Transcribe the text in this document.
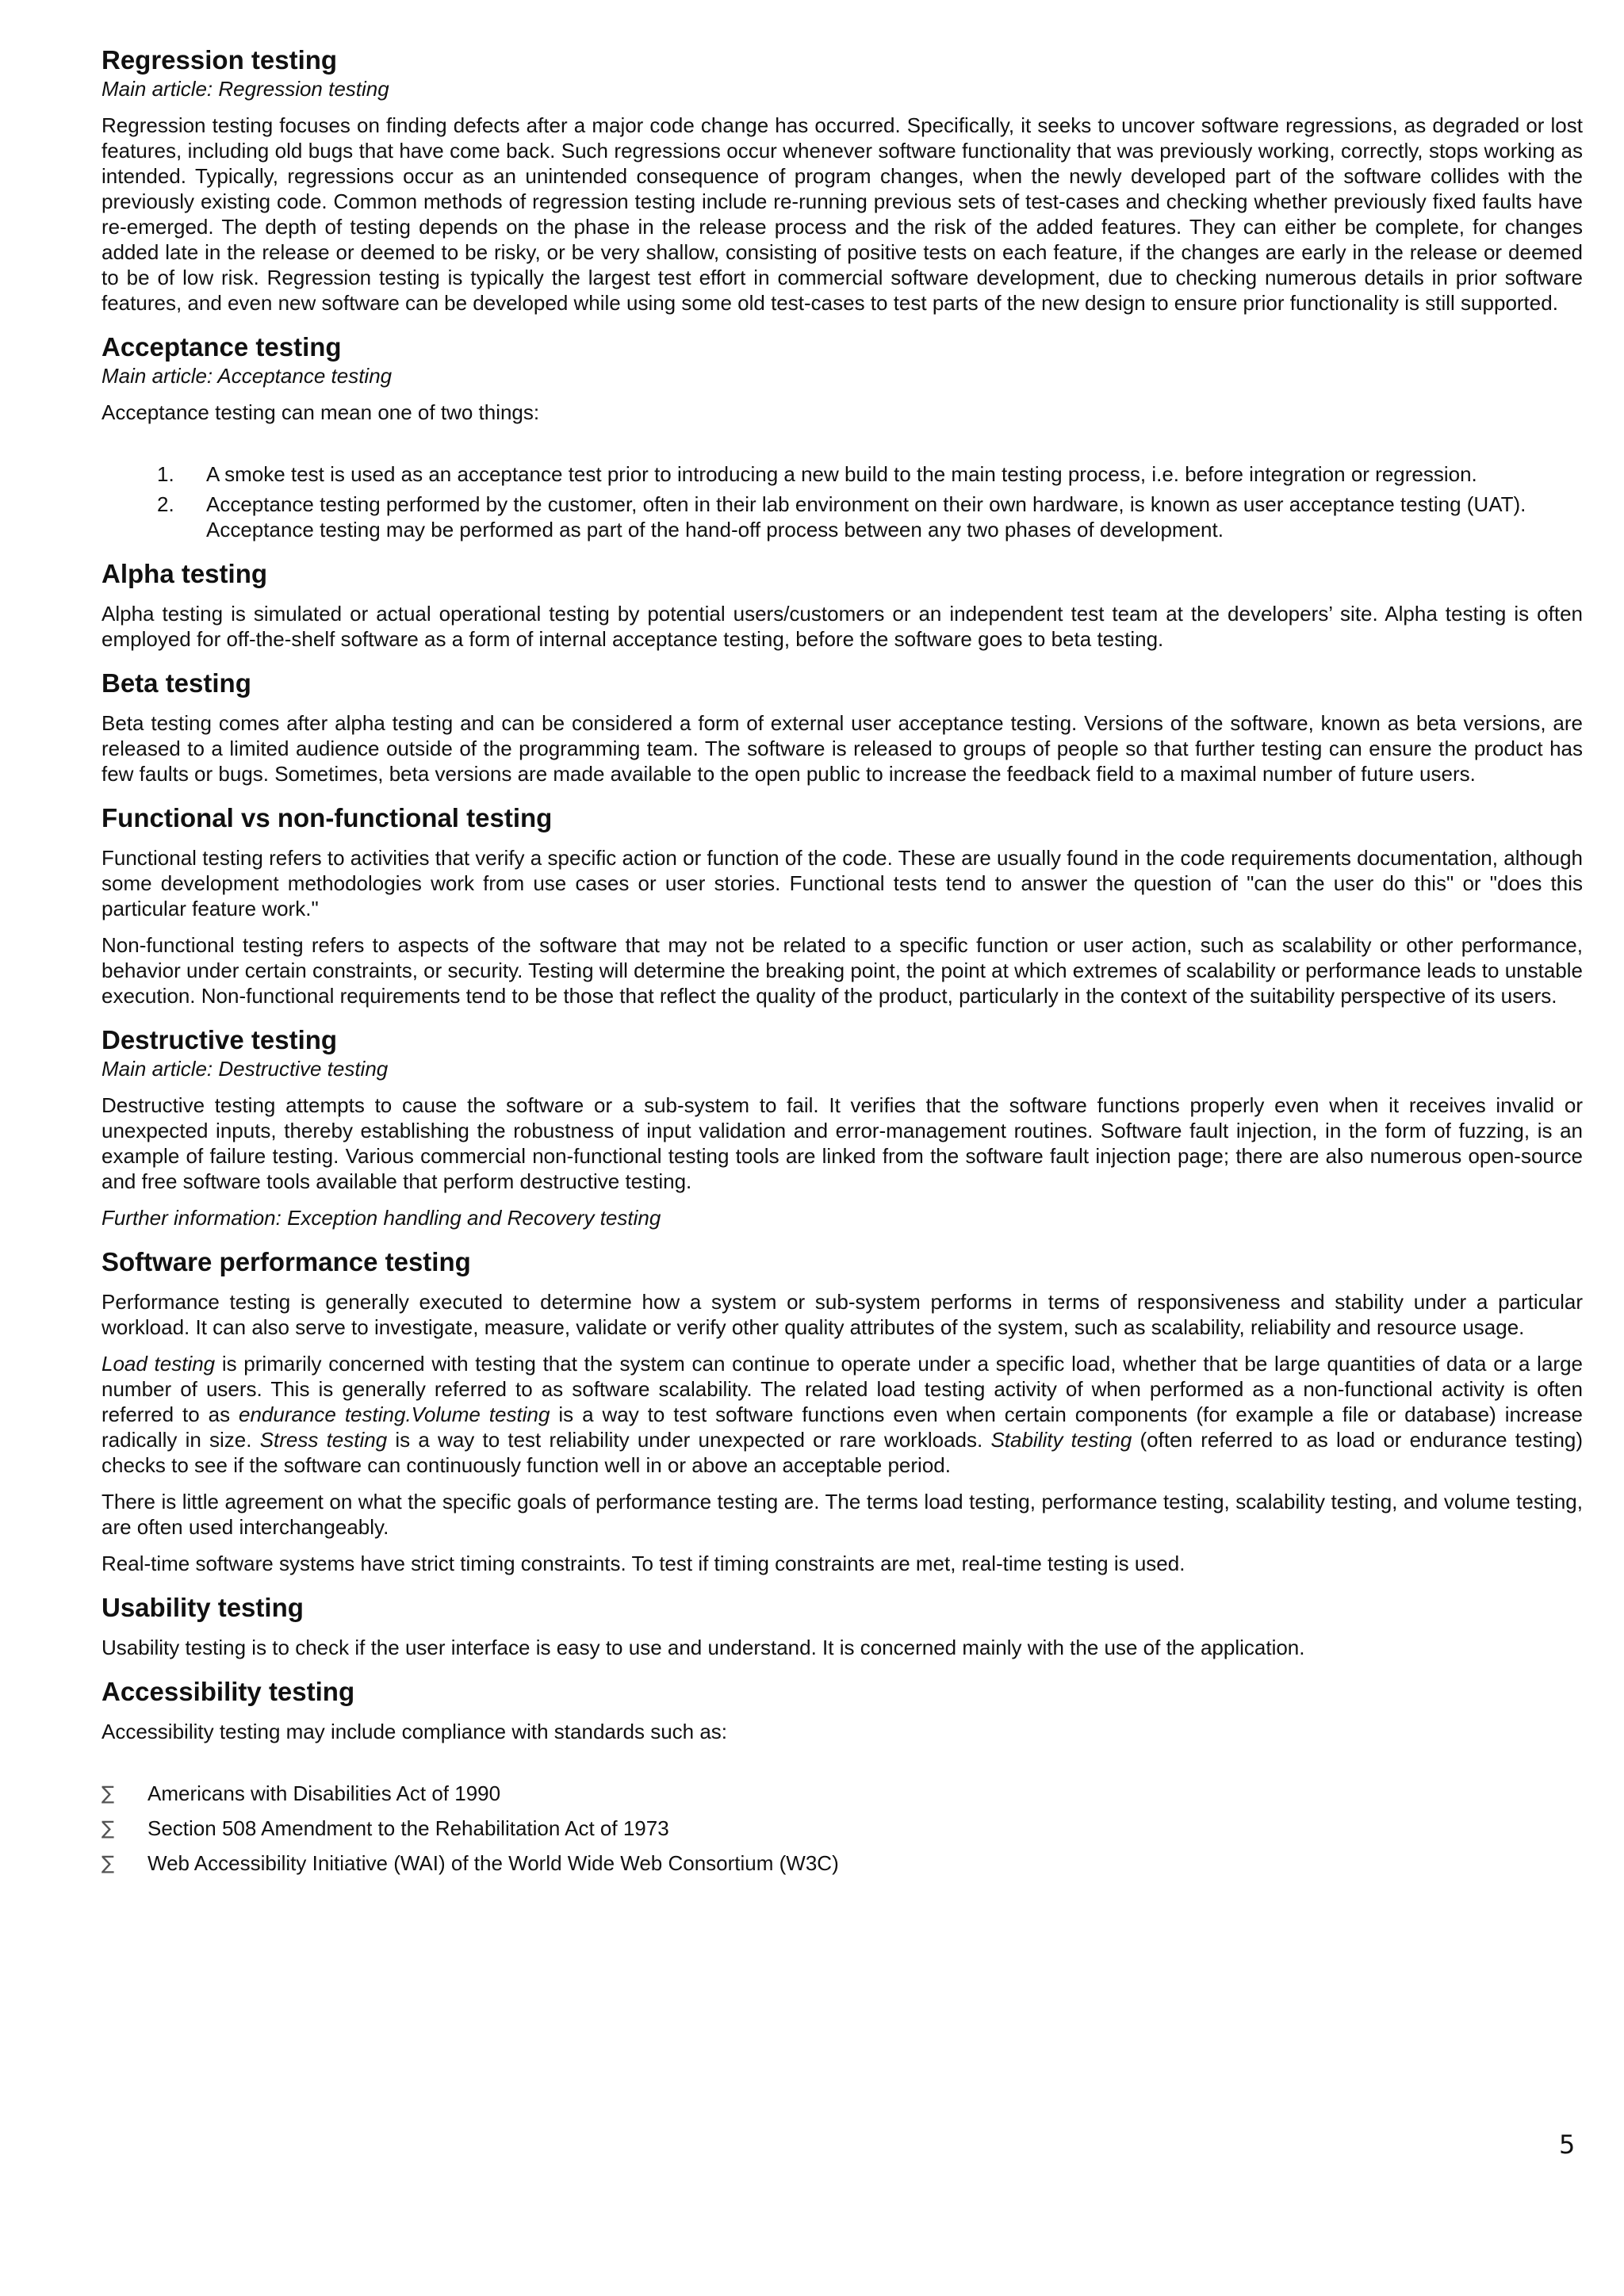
Regression testing
Main article: Regression testing

Regression testing focuses on finding defects after a major code change has occurred. Specifically, it seeks to uncover software regressions, as degraded or lost features, including old bugs that have come back. Such regressions occur whenever software functionality that was previously working, correctly, stops working as intended. Typically, regressions occur as an unintended consequence of program changes, when the newly developed part of the software collides with the previously existing code. Common methods of regression testing include re-running previous sets of test-cases and checking whether previously fixed faults have re-emerged. The depth of testing depends on the phase in the release process and the risk of the added features. They can either be complete, for changes added late in the release or deemed to be risky, or be very shallow, consisting of positive tests on each feature, if the changes are early in the release or deemed to be of low risk. Regression testing is typically the largest test effort in commercial software development, due to checking numerous details in prior software features, and even new software can be developed while using some old test-cases to test parts of the new design to ensure prior functionality is still supported.

Acceptance testing
Main article: Acceptance testing

Acceptance testing can mean one of two things:

1.	A smoke test is used as an acceptance test prior to introducing a new build to the main testing process, i.e. before integration or regression.
2.	Acceptance testing performed by the customer, often in their lab environment on their own hardware, is known as user acceptance testing (UAT). Acceptance testing may be performed as part of the hand-off process between any two phases of development.
Alpha testing

Alpha testing is simulated or actual operational testing by potential users/customers or an independent test team at the developers’ site. Alpha testing is often employed for off-the-shelf software as a form of internal acceptance testing, before the software goes to beta testing.

Beta testing

Beta testing comes after alpha testing and can be considered a form of external user acceptance testing. Versions of the software, known as beta versions, are released to a limited audience outside of the programming team. The software is released to groups of people so that further testing can ensure the product has few faults or bugs. Sometimes, beta versions are made available to the open public to increase the feedback field to a maximal number of future users.

Functional vs non-functional testing

Functional testing refers to activities that verify a specific action or function of the code. These are usually found in the code requirements documentation, although some development methodologies work from use cases or user stories. Functional tests tend to answer the question of "can the user do this" or "does this particular feature work."

Non-functional testing refers to aspects of the software that may not be related to a specific function or user action, such as scalability or other performance, behavior under certain constraints, or security. Testing will determine the breaking point, the point at which extremes of scalability or performance leads to unstable execution. Non-functional requirements tend to be those that reflect the quality of the product, particularly in the context of the suitability perspective of its users.

Destructive testing
Main article: Destructive testing

Destructive testing attempts to cause the software or a sub-system to fail. It verifies that the software functions properly even when it receives invalid or unexpected inputs, thereby establishing the robustness of input validation and error-management routines. Software fault injection, in the form of fuzzing, is an example of failure testing. Various commercial non-functional testing tools are linked from the software fault injection page; there are also numerous open-source and free software tools available that perform destructive testing.

Further information: Exception handling and Recovery testing

Software performance testing

Performance testing is generally executed to determine how a system or sub-system performs in terms of responsiveness and stability under a particular workload. It can also serve to investigate, measure, validate or verify other quality attributes of the system, such as scalability, reliability and resource usage.

Load testing is primarily concerned with testing that the system can continue to operate under a specific load, whether that be large quantities of data or a large number of users. This is generally referred to as software scalability. The related load testing activity of when performed as a non-functional activity is often referred to as endurance testing.Volume testing is a way to test software functions even when certain components (for example a file or database) increase radically in size. Stress testing is a way to test reliability under unexpected or rare workloads. Stability testing (often referred to as load or endurance testing) checks to see if the software can continuously function well in or above an acceptable period.

There is little agreement on what the specific goals of performance testing are. The terms load testing, performance testing, scalability testing, and volume testing, are often used interchangeably.

Real-time software systems have strict timing constraints. To test if timing constraints are met, real-time testing is used.

Usability testing

Usability testing is to check if the user interface is easy to use and understand. It is concerned mainly with the use of the application.

Accessibility testing

Accessibility testing may include compliance with standards such as:

∑ Americans with Disabilities Act of 1990
∑ Section 508 Amendment to the Rehabilitation Act of 1973
∑ Web Accessibility Initiative (WAI) of the World Wide Web Consortium (W3C)
5
